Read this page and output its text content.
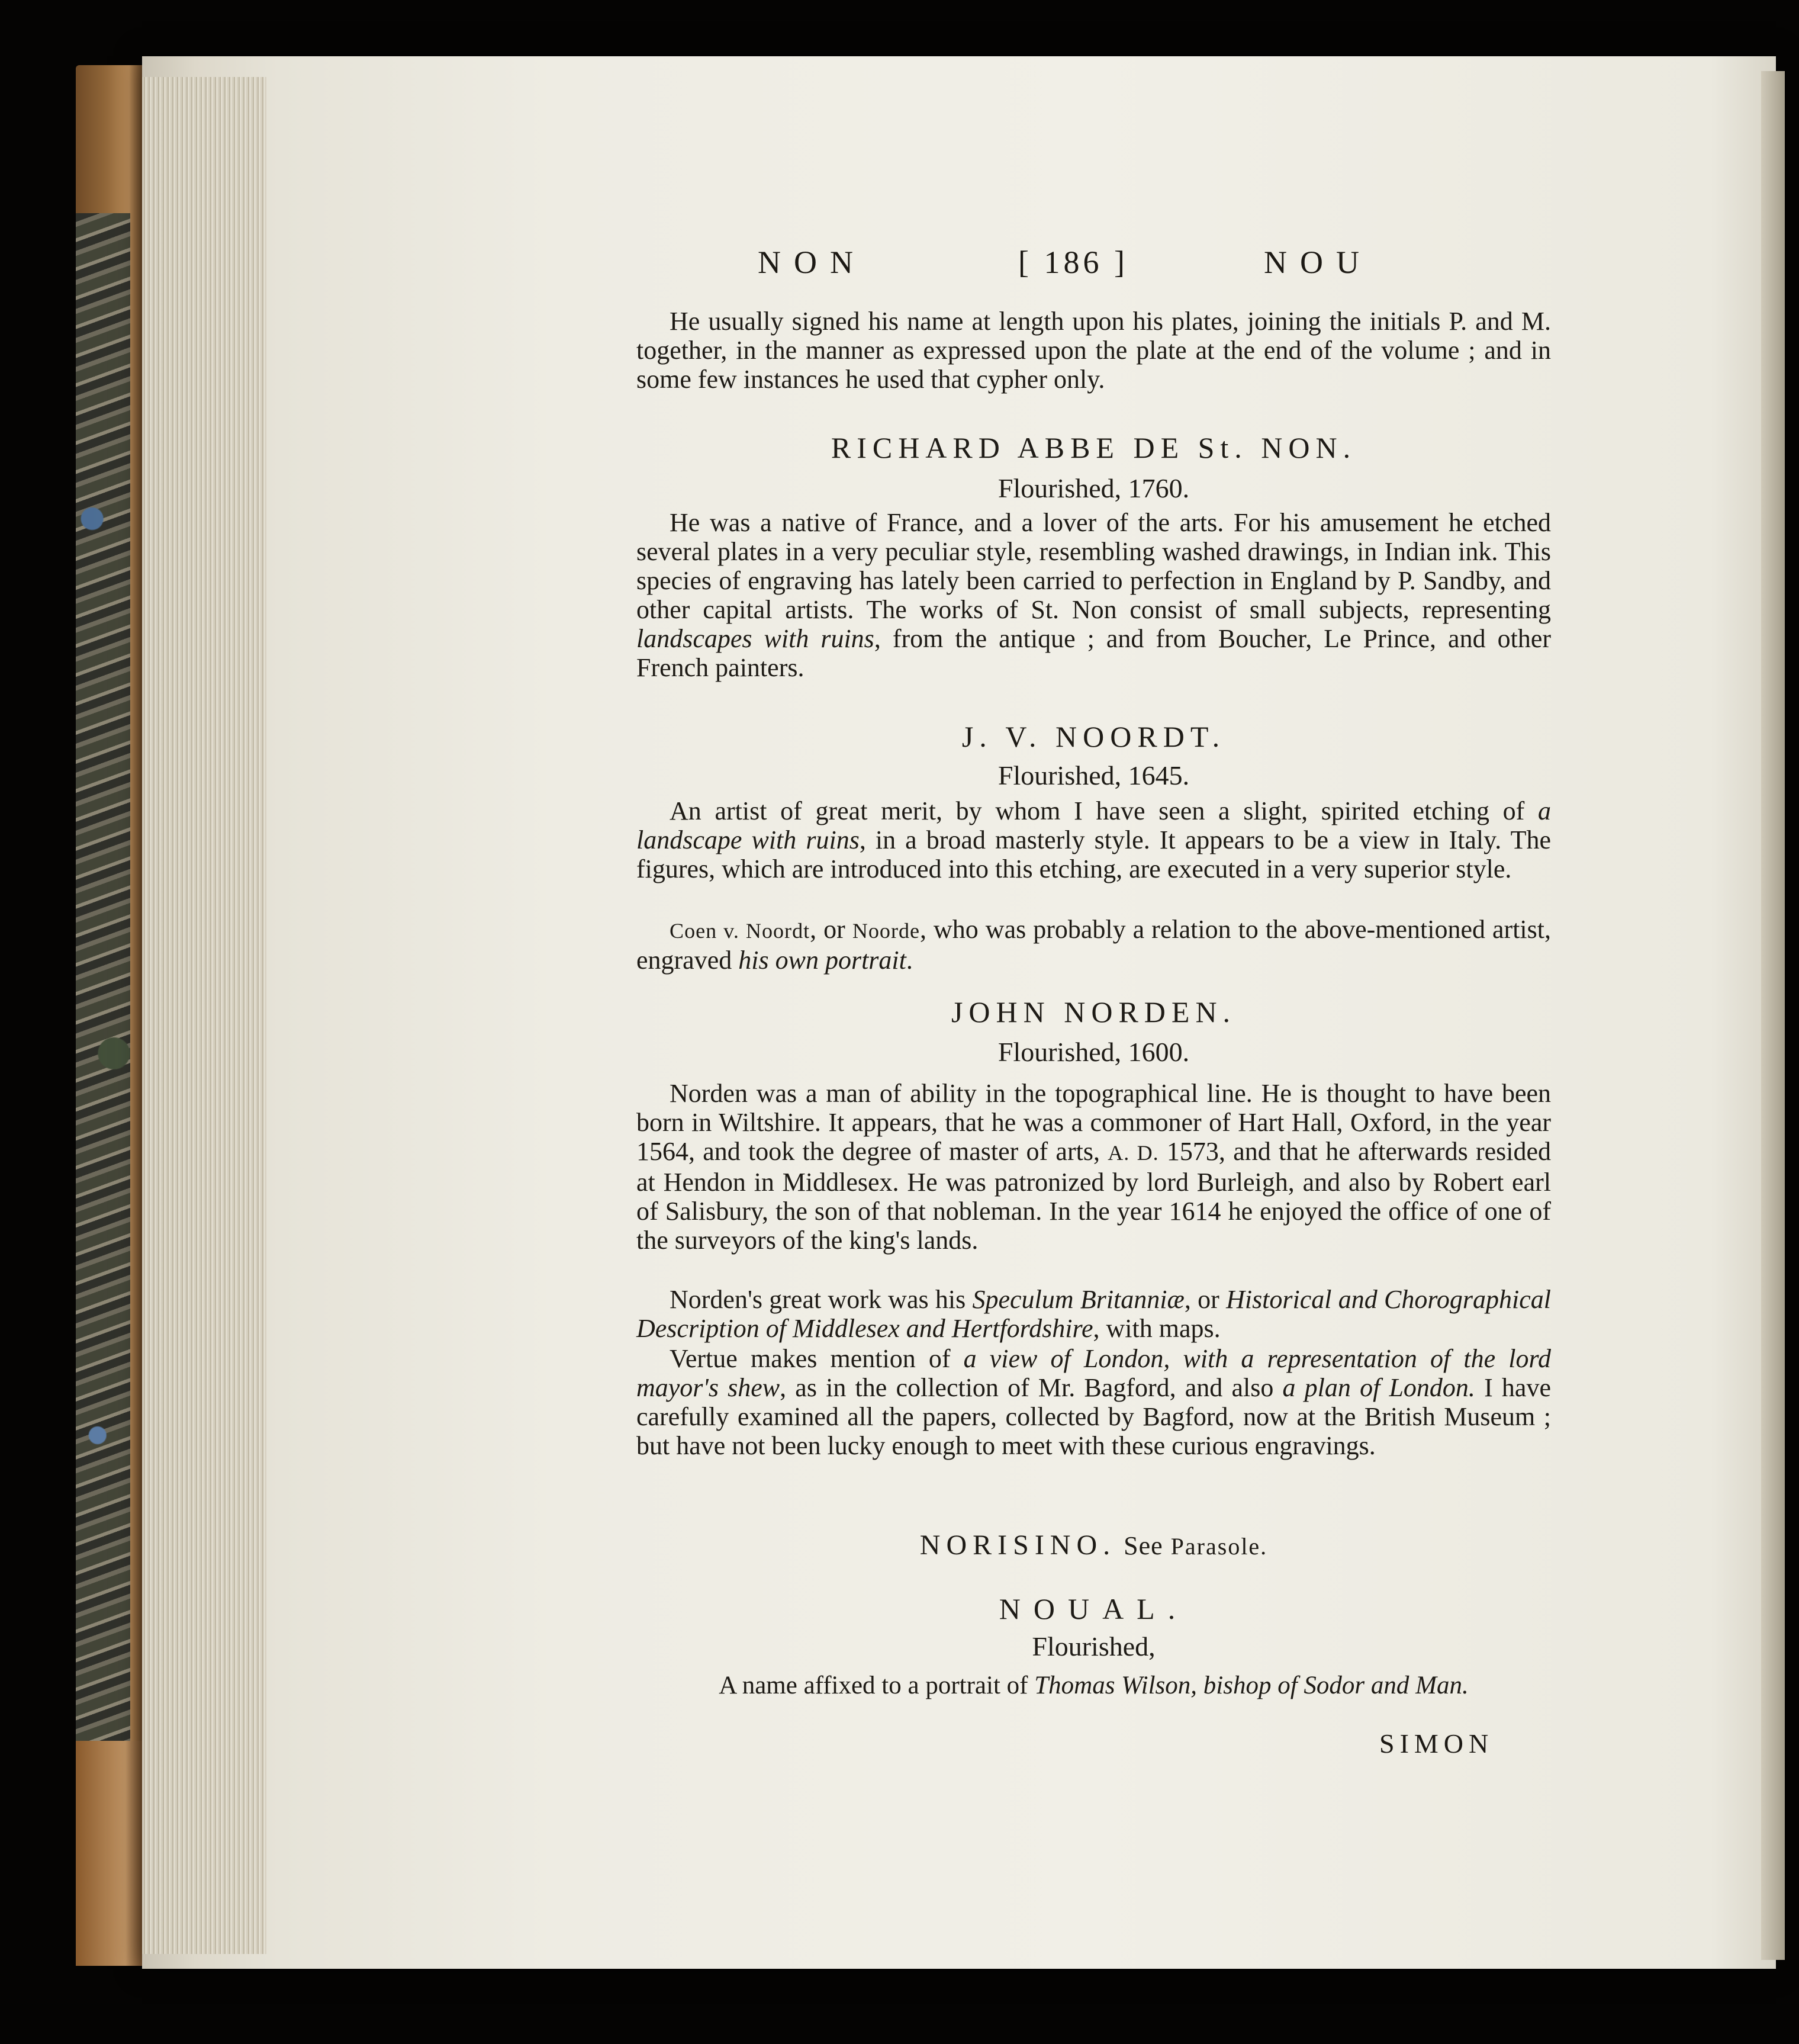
NON	[ 186 ]	NOU

He usually signed his name at length upon his plates, joining the initials P. and M. together, in the manner as expressed upon the plate at the end of the volume ; and in some few instances he used that cypher only.

RICHARD ABBE DE St. NON.
Flourished, 1760.

He was a native of France, and a lover of the arts. For his amusement he etched several plates in a very peculiar style, resembling washed drawings, in Indian ink. This species of engraving has lately been carried to perfection in England by P. Sandby, and other capital artists. The works of St. Non consist of small subjects, representing landscapes with ruins, from the antique ; and from Boucher, Le Prince, and other French painters.

J. V. NOORDT.
Flourished, 1645.

An artist of great merit, by whom I have seen a slight, spirited etching of a landscape with ruins, in a broad masterly style. It appears to be a view in Italy. The figures, which are introduced into this etching, are executed in a very superior style.

Coen v. Noordt, or Noorde, who was probably a relation to the above-mentioned artist, engraved his own portrait.

JOHN NORDEN.
Flourished, 1600.

Norden was a man of ability in the topographical line. He is thought to have been born in Wiltshire. It appears, that he was a commoner of Hart Hall, Oxford, in the year 1564, and took the degree of master of arts, A. D. 1573, and that he afterwards resided at Hendon in Middlesex. He was patronized by lord Burleigh, and also by Robert earl of Salisbury, the son of that nobleman. In the year 1614 he enjoyed the office of one of the surveyors of the king's lands.

Norden's great work was his Speculum Britanniæ, or Historical and Chorographical Description of Middlesex and Hertfordshire, with maps.

Vertue makes mention of a view of London, with a representation of the lord mayor's shew, as in the collection of Mr. Bagford, and also a plan of London. I have carefully examined all the papers, collected by Bagford, now at the British Museum ; but have not been lucky enough to meet with these curious engravings.

NORISINO. See Parasole.
NOUAL.
Flourished,
A name affixed to a portrait of Thomas Wilson, bishop of Sodor and Man.
SIMON
